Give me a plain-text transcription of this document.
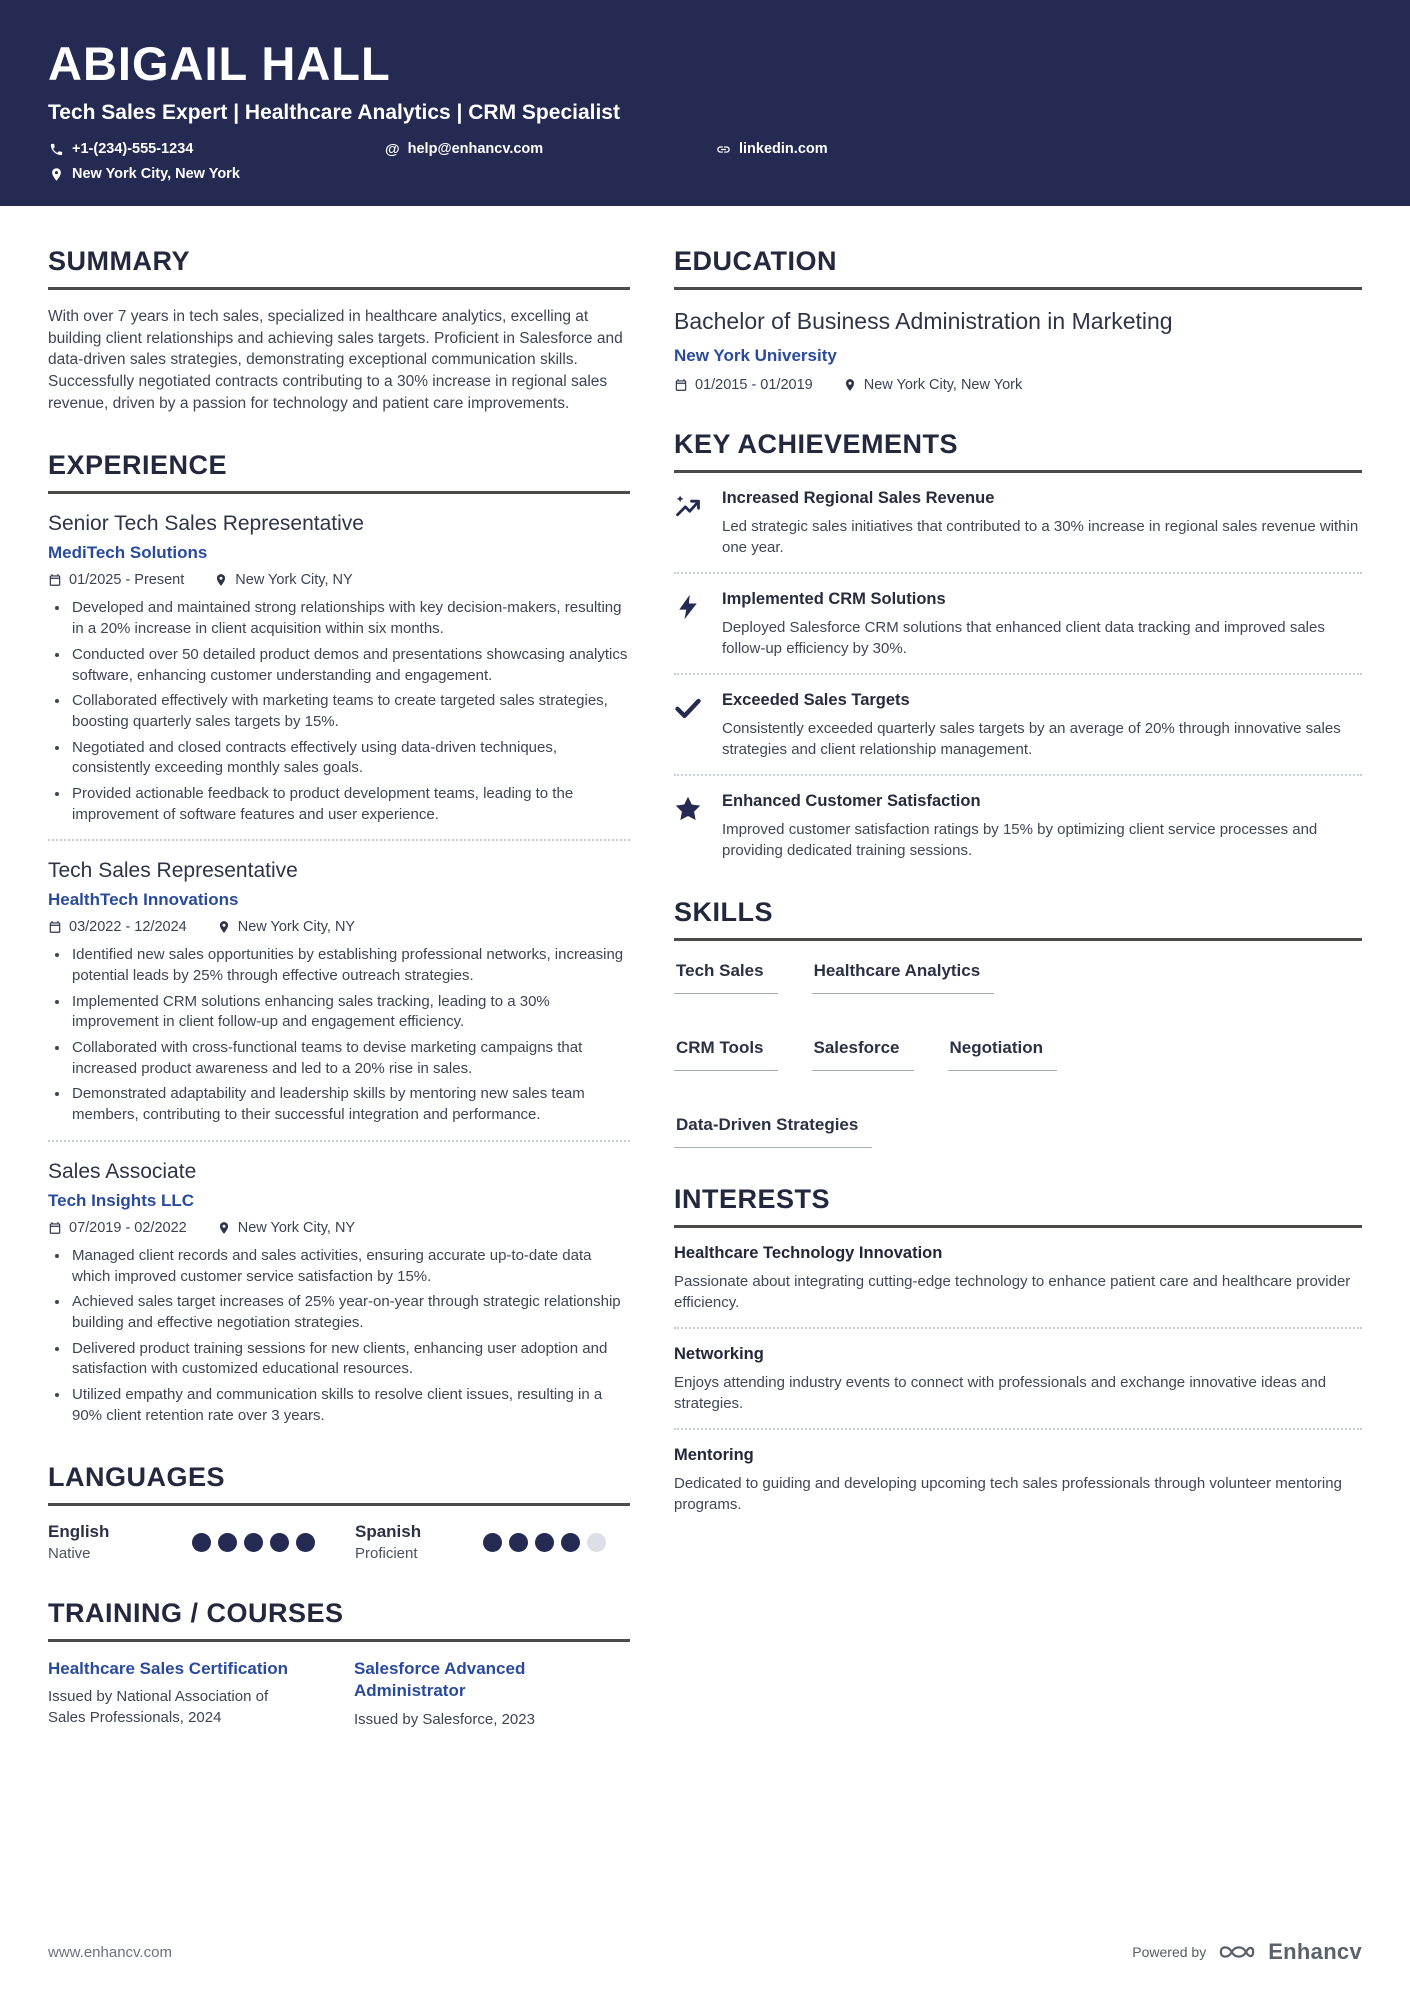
ABIGAIL HALL
Tech Sales Expert | Healthcare Analytics | CRM Specialist
+1-(234)-555-1234	@ help@enhancv.com	linkedin.com
New York City, New York
SUMMARY

With over 7 years in tech sales, specialized in healthcare analytics, excelling at building client relationships and achieving sales targets. Proficient in Salesforce and data-driven sales strategies, demonstrating exceptional communication skills. Successfully negotiated contracts contributing to a 30% increase in regional sales revenue, driven by a passion for technology and patient care improvements.

EXPERIENCE
Senior Tech Sales Representative
MediTech Solutions
01/2025 - Present	New York City, NY
• Developed and maintained strong relationships with key decision-makers, resulting in a 20% increase in client acquisition within six months.
• Conducted over 50 detailed product demos and presentations showcasing analytics software, enhancing customer understanding and engagement.
• Collaborated effectively with marketing teams to create targeted sales strategies, boosting quarterly sales targets by 15%.
• Negotiated and closed contracts effectively using data-driven techniques, consistently exceeding monthly sales goals.
• Provided actionable feedback to product development teams, leading to the improvement of software features and user experience.
Tech Sales Representative
HealthTech Innovations
03/2022 - 12/2024	New York City, NY
• Identified new sales opportunities by establishing professional networks, increasing potential leads by 25% through effective outreach strategies.
• Implemented CRM solutions enhancing sales tracking, leading to a 30% improvement in client follow-up and engagement efficiency.
• Collaborated with cross-functional teams to devise marketing campaigns that increased product awareness and led to a 20% rise in sales.
• Demonstrated adaptability and leadership skills by mentoring new sales team members, contributing to their successful integration and performance.
Sales Associate
Tech Insights LLC
07/2019 - 02/2022	New York City, NY
• Managed client records and sales activities, ensuring accurate up-to-date data which improved customer service satisfaction by 15%.
• Achieved sales target increases of 25% year-on-year through strategic relationship building and effective negotiation strategies.
• Delivered product training sessions for new clients, enhancing user adoption and satisfaction with customized educational resources.
• Utilized empathy and communication skills to resolve client issues, resulting in a 90% client retention rate over 3 years.
LANGUAGES
English
Native
Spanish
Proficient
TRAINING / COURSES
Healthcare Sales Certification
Issued by National Association of Sales Professionals, 2024
Salesforce Advanced Administrator
Issued by Salesforce, 2023
EDUCATION
Bachelor of Business Administration in Marketing
New York University
01/2015 - 01/2019	New York City, New York
KEY ACHIEVEMENTS
Increased Regional Sales Revenue
Led strategic sales initiatives that contributed to a 30% increase in regional sales revenue within one year.
Implemented CRM Solutions
Deployed Salesforce CRM solutions that enhanced client data tracking and improved sales follow-up efficiency by 30%.
Exceeded Sales Targets
Consistently exceeded quarterly sales targets by an average of 20% through innovative sales strategies and client relationship management.
Enhanced Customer Satisfaction
Improved customer satisfaction ratings by 15% by optimizing client service processes and providing dedicated training sessions.
SKILLS
Tech Sales	Healthcare Analytics
CRM Tools	Salesforce	Negotiation
Data-Driven Strategies
INTERESTS
Healthcare Technology Innovation
Passionate about integrating cutting-edge technology to enhance patient care and healthcare provider efficiency.
Networking
Enjoys attending industry events to connect with professionals and exchange innovative ideas and strategies.
Mentoring
Dedicated to guiding and developing upcoming tech sales professionals through volunteer mentoring programs.
www.enhancv.com	Powered by	Enhancv
